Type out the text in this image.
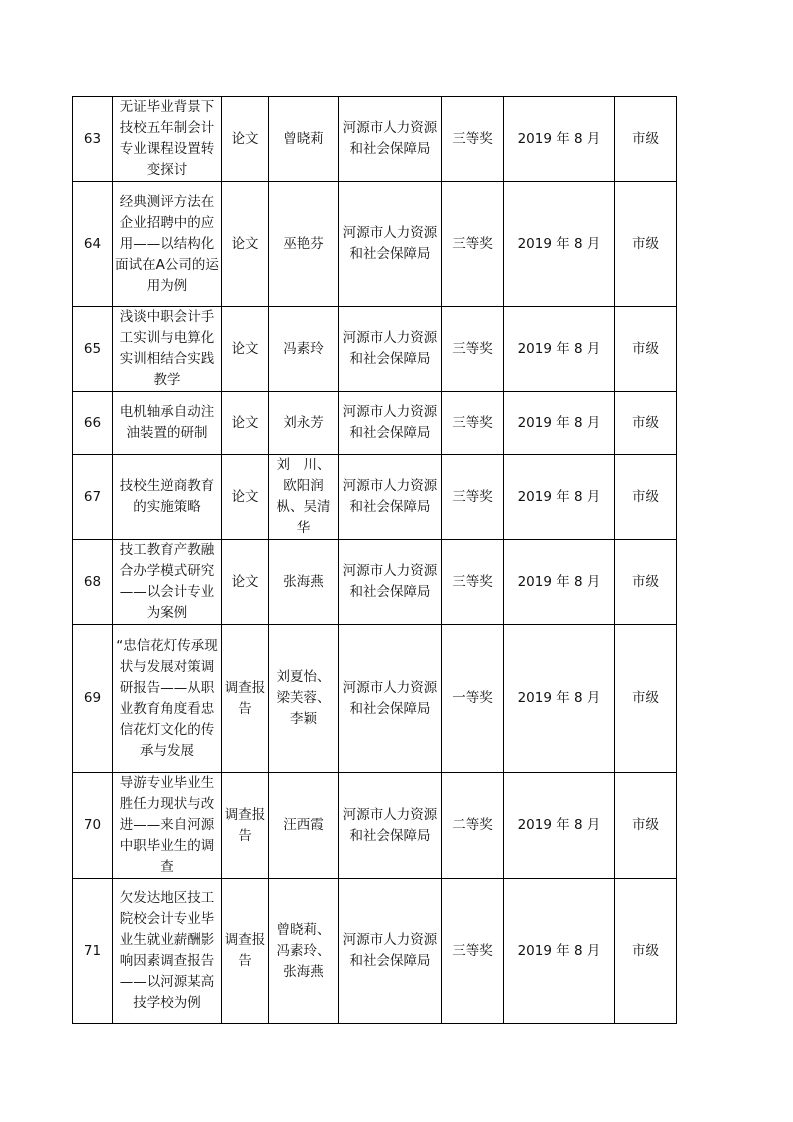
63	无证毕业背景下技校五年制会计专业课程设置转变探讨	论文	曾晓莉	河源市人力资源和社会保障局	三等奖	2019 年 8 月	市级
64	经典测评方法在企业招聘中的应用——以结构化面试在A公司的运用为例	论文	巫艳芬	河源市人力资源和社会保障局	三等奖	2019 年 8 月	市级
65	浅谈中职会计手工实训与电算化实训相结合实践教学	论文	冯素玲	河源市人力资源和社会保障局	三等奖	2019 年 8 月	市级
66	电机轴承自动注油装置的研制	论文	刘永芳	河源市人力资源和社会保障局	三等奖	2019 年 8 月	市级
67	技校生逆商教育的实施策略	论文	刘　川、欧阳润枞、吴清华	河源市人力资源和社会保障局	三等奖	2019 年 8 月	市级
68	技工教育产教融合办学模式研究——以会计专业为案例	论文	张海燕	河源市人力资源和社会保障局	三等奖	2019 年 8 月	市级
69	“忠信花灯传承现状与发展对策调研报告——从职业教育角度看忠信花灯文化的传承与发展	调查报告	刘夏怡、梁芙蓉、李颖	河源市人力资源和社会保障局	一等奖	2019 年 8 月	市级
70	导游专业毕业生胜任力现状与改进——来自河源中职毕业生的调查	调查报告	汪西霞	河源市人力资源和社会保障局	二等奖	2019 年 8 月	市级
71	欠发达地区技工院校会计专业毕业生就业薪酬影响因素调查报告——以河源某高技学校为例	调查报告	曾晓莉、冯素玲、张海燕	河源市人力资源和社会保障局	三等奖	2019 年 8 月	市级
